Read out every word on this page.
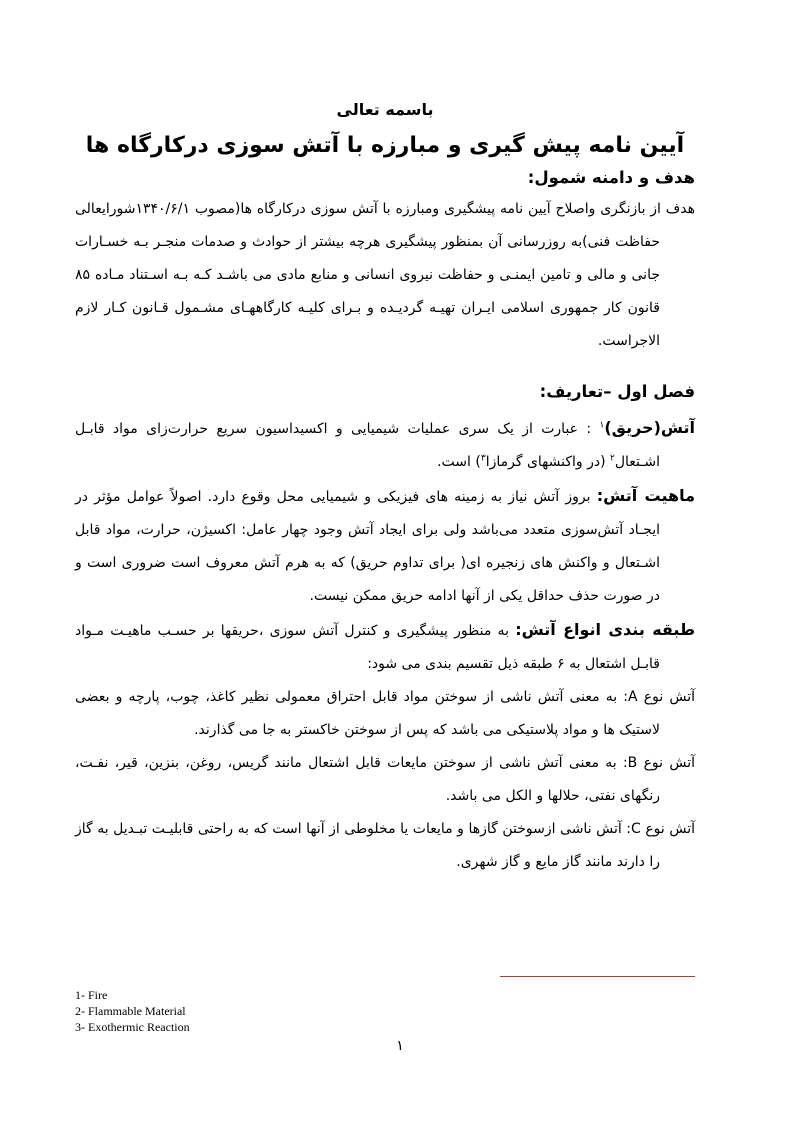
باسمه تعالی
آیین نامه پیش گیری و مبارزه با آتش سوزی درکارگاه ها
هدف و دامنه شمول:

هدف از بازنگری واصلاح آیین نامه پیشگیری ومبارزه با آتش سوزی درکارگاه ها(مصوب ۱۳۴۰/۶/۱شورایعالی حفاظت فنی)به روزرسانی آن بمنظور پیشگیری هرچه بیشتر از حوادث و صدمات منجـر بـه خسـارات جانی و مالی و تامین ایمنـی و حفاظت نیروی انسانی و منابع مادی می باشـد کـه بـه اسـتناد مـاده ۸۵ قانون کار جمهوری اسلامی ایـران تهیـه گردیـده و بـرای کلیـه کارگاههـای مشـمول قـانون کـار لازم الاجراست.

فصل اول –تعاریف:

آتش(حریق)$^۱$ : عبارت از یک سری عملیات شیمیایی و اکسیداسیون سریع حرارت‌زای مواد قابـل اشـتعال$^۲$ (در واکنشهای گرمازا$^۳$) است.

ماهیت آتش: بروز آتش نیاز به زمینه های فیزیکی و شیمیایی محل وقوع دارد. اصولاً عوامل مؤثر در ایجـاد آتش‌سوزی متعدد می‌باشد ولی برای ایجاد آتش وجود چهار عامل: اکسیژن، حرارت، مواد قابل اشـتعال و واکنش های زنجیره ای( برای تداوم حریق) که به هرم آتش معروف است ضروری است و در صورت حذف حداقل یکی از آنها ادامه حریق ممکن نیست.

طبقه بندی انواع آتش: به منظور پیشگیری و کنترل آتش سوزی ،حریقها بر حسـب ماهیـت مـواد قابـل اشتعال به ۶ طبقه ذیل تقسیم بندی می شود:

آتش نوع A: به معنی آتش ناشی از سوختن مواد قابل احتراق معمولی نظیر کاغذ، چوب، پارچه و بعضی لاستیک ها و مواد پلاستیکی می باشد که پس از سوختن خاکستر به جا می گذارند.

آتش نوع B: به معنی آتش ناشی از سوختن مایعات قابل اشتعال مانند گریس، روغن، بنزین، قیر، نفـت، رنگهای نفتی، حلالها و الکل می باشد.

آتش نوع C: آتش ناشی ازسوختن گازها و مایعات یا مخلوطی از آنها است که به راحتی قابلیـت تبـدیل به گاز را دارند مانند گاز مایع و گاز شهری.

1- Fire
2- Flammable Material
3- Exothermic Reaction
۱
